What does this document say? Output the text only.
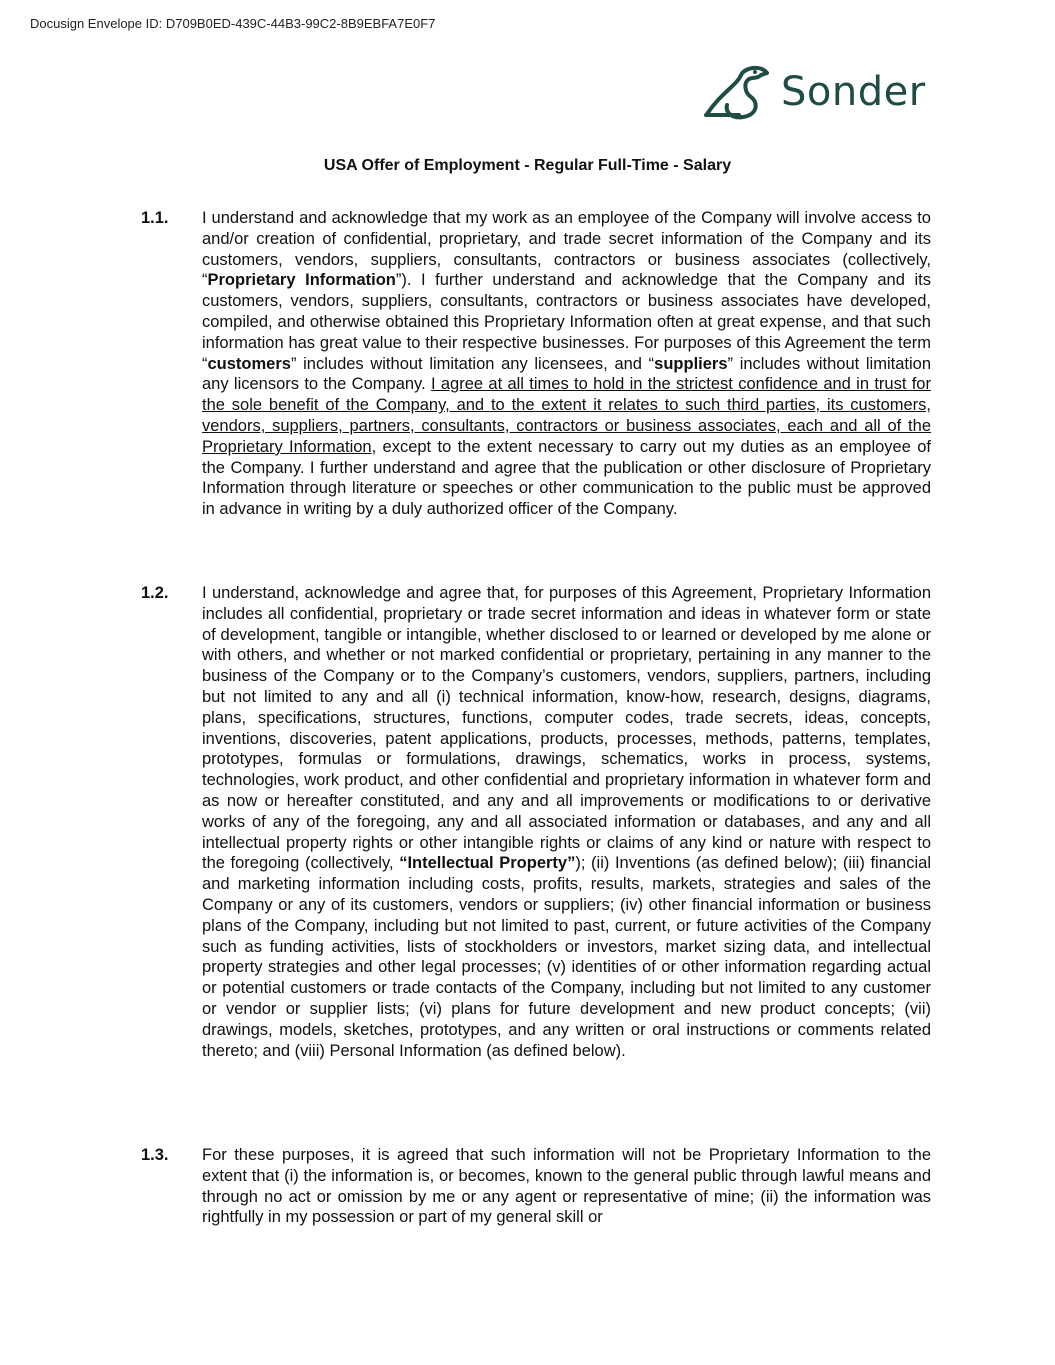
Docusign Envelope ID: D709B0ED-439C-44B3-99C2-8B9EBFA7E0F7
Sonder
USA Offer of Employment - Regular Full-Time - Salary
1.1. I understand and acknowledge that my work as an employee of the Company will involve access to and/or creation of confidential, proprietary, and trade secret information of the Company and its customers, vendors, suppliers, consultants, contractors or business associates (collectively, “Proprietary Information”). I further understand and acknowledge that the Company and its customers, vendors, suppliers, consultants, contractors or business associates have developed, compiled, and otherwise obtained this Proprietary Information often at great expense, and that such information has great value to their respective businesses. For purposes of this Agreement the term “customers” includes without limitation any licensees, and “suppliers” includes without limitation any licensors to the Company. I agree at all times to hold in the strictest confidence and in trust for the sole benefit of the Company, and to the extent it relates to such third parties, its customers, vendors, suppliers, partners, consultants, contractors or business associates, each and all of the Proprietary Information, except to the extent necessary to carry out my duties as an employee of the Company. I further understand and agree that the publication or other disclosure of Proprietary Information through literature or speeches or other communication to the public must be approved in advance in writing by a duly authorized officer of the Company.
1.2. I understand, acknowledge and agree that, for purposes of this Agreement, Proprietary Information includes all confidential, proprietary or trade secret information and ideas in whatever form or state of development, tangible or intangible, whether disclosed to or learned or developed by me alone or with others, and whether or not marked confidential or proprietary, pertaining in any manner to the business of the Company or to the Company’s customers, vendors, suppliers, partners, including but not limited to any and all (i) technical information, know-how, research, designs, diagrams, plans, specifications, structures, functions, computer codes, trade secrets, ideas, concepts, inventions, discoveries, patent applications, products, processes, methods, patterns, templates, prototypes, formulas or formulations, drawings, schematics, works in process, systems, technologies, work product, and other confidential and proprietary information in whatever form and as now or hereafter constituted, and any and all improvements or modifications to or derivative works of any of the foregoing, any and all associated information or databases, and any and all intellectual property rights or other intangible rights or claims of any kind or nature with respect to the foregoing (collectively, “Intellectual Property”); (ii) Inventions (as defined below); (iii) financial and marketing information including costs, profits, results, markets, strategies and sales of the Company or any of its customers, vendors or suppliers; (iv) other financial information or business plans of the Company, including but not limited to past, current, or future activities of the Company such as funding activities, lists of stockholders or investors, market sizing data, and intellectual property strategies and other legal processes; (v) identities of or other information regarding actual or potential customers or trade contacts of the Company, including but not limited to any customer or vendor or supplier lists; (vi) plans for future development and new product concepts; (vii) drawings, models, sketches, prototypes, and any written or oral instructions or comments related thereto; and (viii) Personal Information (as defined below).
1.3. For these purposes, it is agreed that such information will not be Proprietary Information to the extent that (i) the information is, or becomes, known to the general public through lawful means and through no act or omission by me or any agent or representative of mine; (ii) the information was rightfully in my possession or part of my general skill or
